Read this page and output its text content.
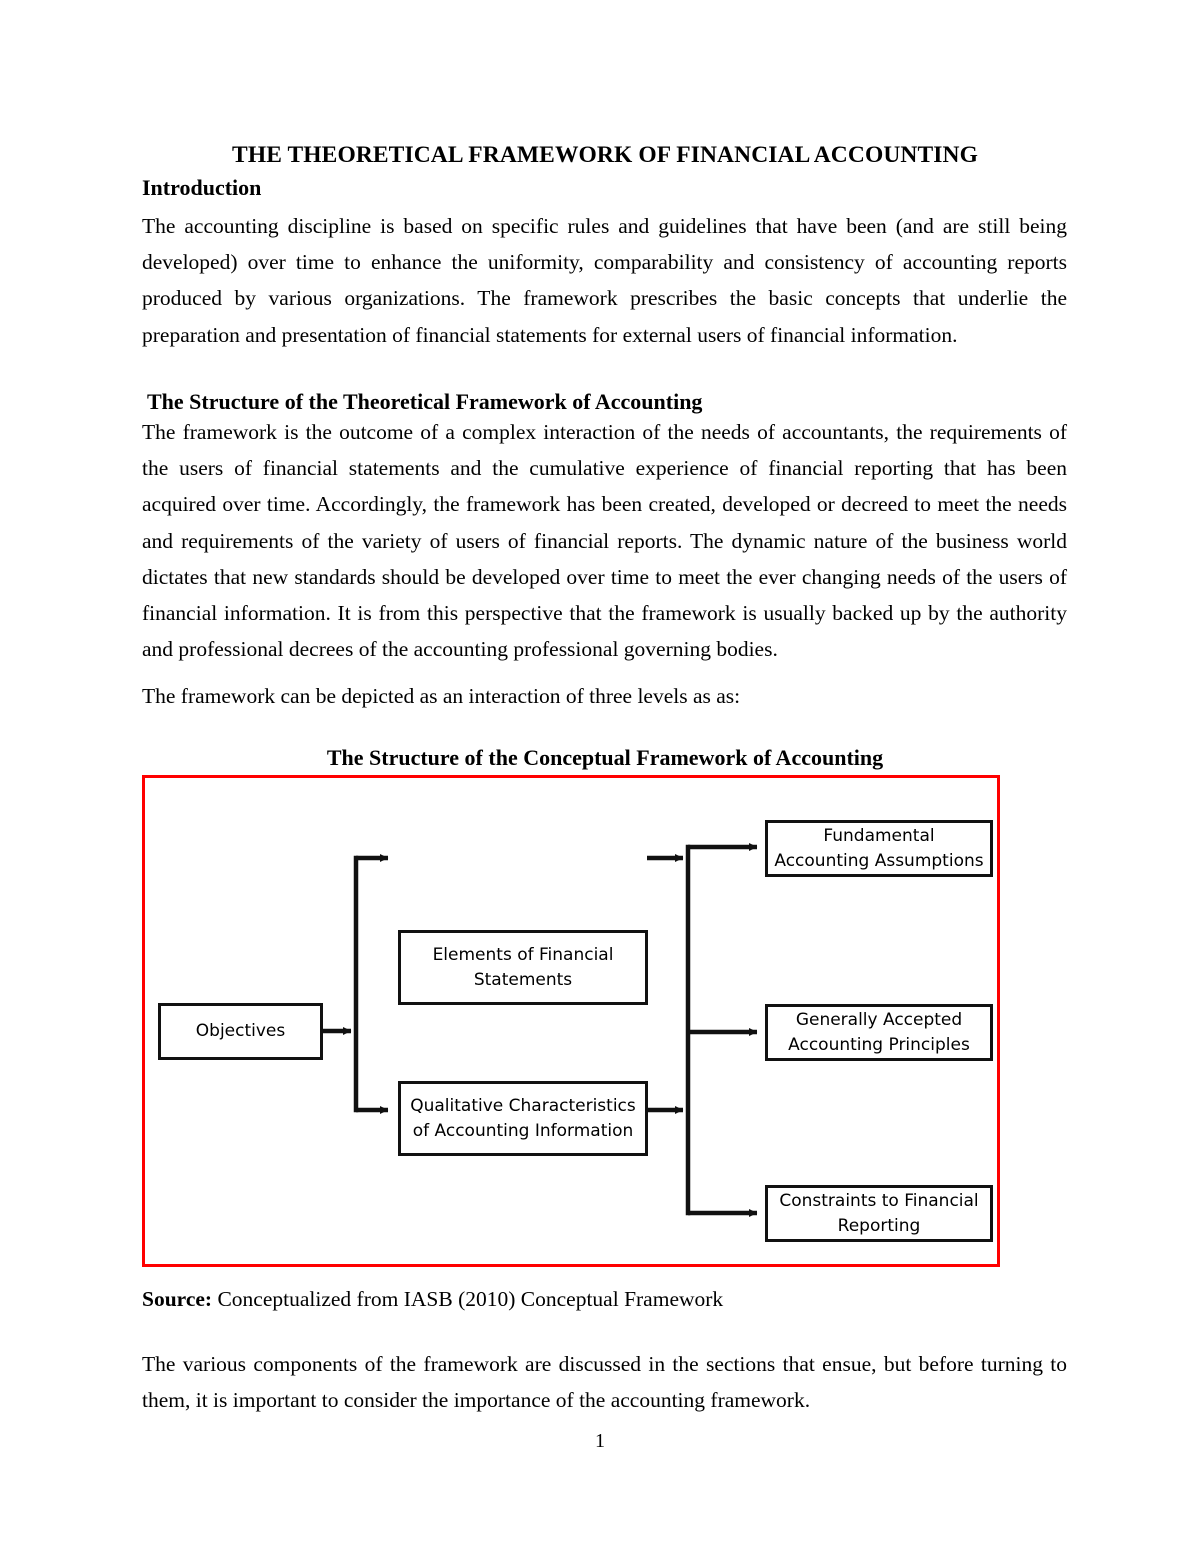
THE THEORETICAL FRAMEWORK OF FINANCIAL ACCOUNTING
Introduction
The accounting discipline is based on specific rules and guidelines that have been (and are still being developed) over time to enhance the uniformity, comparability and consistency of accounting reports produced by various organizations. The framework prescribes the basic concepts that underlie the preparation and presentation of financial statements for external users of financial information.
The Structure of the Theoretical Framework of Accounting
The framework is the outcome of a complex interaction of the needs of accountants, the requirements of the users of financial statements and the cumulative experience of financial reporting that has been acquired over time. Accordingly, the framework has been created, developed or decreed to meet the needs and requirements of the variety of users of financial reports. The dynamic nature of the business world dictates that new standards should be developed over time to meet the ever changing needs of the users of financial information. It is from this perspective that the framework is usually backed up by the authority and professional decrees of the accounting professional governing bodies.
The framework can be depicted as an interaction of three levels as as:
The Structure of the Conceptual Framework of Accounting
Objectives
Elements of Financial Statements
Qualitative Characteristics of Accounting Information
Fundamental Accounting Assumptions
Generally Accepted Accounting Principles
Constraints to Financial Reporting
Source: Conceptualized from IASB (2010) Conceptual Framework
The various components of the framework are discussed in the sections that ensue, but before turning to them, it is important to consider the importance of the accounting framework.
1
